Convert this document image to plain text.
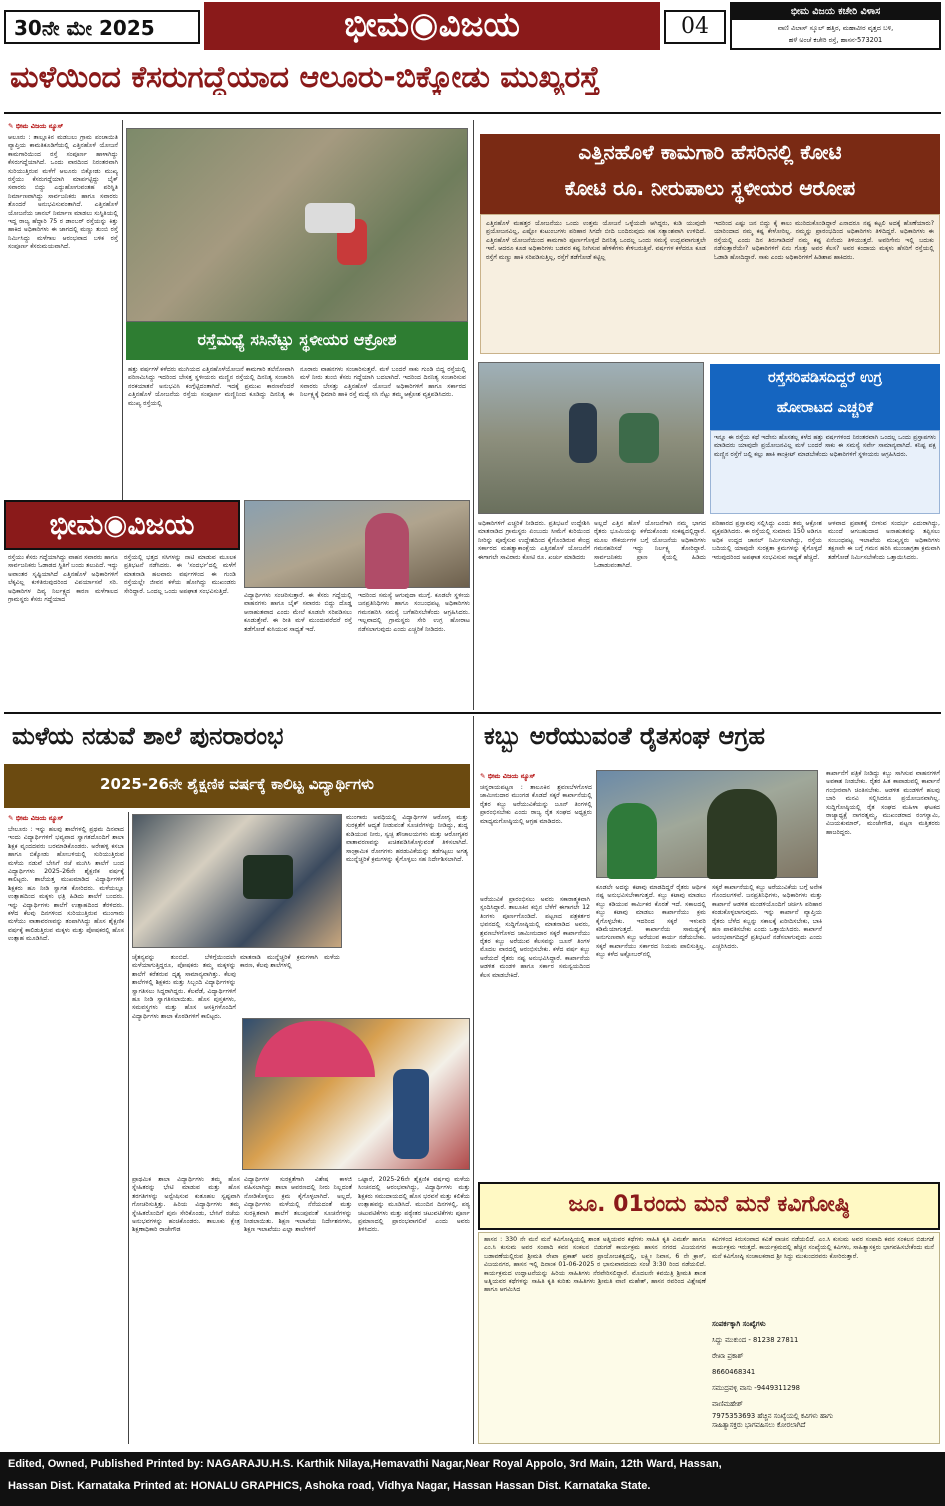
30ನೇ ಮೇ 2025	ಭೀಮ◉ವಿಜಯ	04
ಭೀಮ ವಿಜಯ ಕಚೇರಿ ವಿಳಾಸ
ವಾಣಿ ವಿಲಾಸ್ ಸ್ಕೂಲ್ ಹತ್ತಿರ, ಮಹಾವೀರ ವೃತ್ತದ ಬಳಿ,
ಹಳೆ ಅಂಚೆ ಕಚೇರಿ ರಸ್ತೆ, ಹಾಸನ-573201
ಮಳೆಯಿಂದ ಕೆಸರುಗದ್ದೆಯಾದ ಆಲೂರು-ಬಿಕ್ಕೋಡು ಮುಖ್ಯರಸ್ತೆ
✎ ಭೀಮ ವಿಜಯ ನ್ಯೂಸ್
ಆಲೂರು : ತಾಲ್ಲೂಕಿನ ಮಡಬಲು ಗ್ರಾಮ ಪಂಚಾಯಿತಿ ವ್ಯಾಪ್ತಿಯ ಕಾಮತಿಕೂಡಿಗೆಯಲ್ಲಿ ಎತ್ತಿನಹೊಳೆ ಯೋಜನೆ ಕಾಮಗಾರಿಯಿಂದ ರಸ್ತೆ ಸಂಪೂರ್ಣ ಹಾಳಾಗಿದ್ದು ಕೆಸರುಗದ್ದೆಯಾಗಿದೆ. ಒಂದು ವಾರದಿಂದ ನಿರಂತರವಾಗಿ ಸುರಿಯುತ್ತಿರುವ ಮಳೆಗೆ ಆಲೂರು ಬಿಕ್ಕೋಡು ಮುಖ್ಯ ರಸ್ತೆಯು ಕೆಸರುಗದ್ದೆಯಾಗಿ ಮಾರ್ಪಟ್ಟಿದ್ದು ಬೈಕ್ ಸವಾರರು ಬಿದ್ದು ಎದ್ದುಹೋಗುವಂತಹ ಪರಿಸ್ಥಿತಿ ನಿರ್ಮಾಣವಾಗಿದ್ದು ಸಾರ್ವಜನಿಕರು ಹಾಗೂ ಸವಾರರು ತೊಂದರೆ ಅನುಭವಿಸುವಂತಾಗಿದೆ. ಎತ್ತಿನಹೊಳೆ ಯೋಜನೆಯ ಚಾನಲ್ ನಿರ್ಮಾಣ ಮಾಡಲು ಸುಸ್ಥಿತಿಯಲ್ಲಿ ಇದ್ದ ರಾಜ್ಯ ಹೆದ್ದಾರಿ 75 ರ ಡಾಂಬರ್ ರಸ್ತೆಯನ್ನು ಕಿತ್ತು ಹಾಕಿದ ಅಧಿಕಾರಿಗಳು ಈ ಜಾಗದಲ್ಲಿ ಮಣ್ಣು ತುಂಬಿ ರಸ್ತೆ ನಿರ್ಮಿಸಿದ್ದು ಮಳೆಗಾಲ ಆರಂಭವಾದ ಬಳಿಕ ರಸ್ತೆ ಸಂಪೂರ್ಣ ಕೆಸರುಮಯವಾಗಿದೆ.
ರಸ್ತೆಮಧ್ಯೆ ಸಸಿನೆಟ್ಟು ಸ್ಥಳೀಯರ ಆಕ್ರೋಶ
ಹತ್ತು ವರ್ಷಗಳೆ ಕಳೆದರು ಮುಗಿಯದ ಎತ್ತಿನಹೊಳೆಯೋಜನೆ ಕಾಮಗಾರಿ ತಲೆನೋವಾಗಿ ಪರಿಣಮಿಸಿದ್ದು ಇದರಿಂದ ಬೇಸತ್ತ ಸ್ಥಳೀಯರು ಮಣ್ಣಿನ ರಸ್ತೆಯಲ್ಲಿ ದಿನನಿತ್ಯ ಸಂಚಾರಿಸಿ ನರಕಯಾತನೆ ಅನುಭವಿಸಿ ಕಂಗ್ಗೆಟ್ಟಿದಂತಾಗಿದೆ. ಇದಕ್ಕೆ ಪ್ರಮುಖ ಕಾರಣವೆಂದರೆ ಎತ್ತಿನಹೊಳೆ ಯೋಜನೆಯ ರಸ್ತೆಯ ಸಂಪೂರ್ಣ ಮಣ್ಣಿನಿಂದ ಕೂಡಿದ್ದು ದಿನನಿತ್ಯ ಈ ಮುಖ್ಯ ರಸ್ತೆಯಲ್ಲಿ
ನೂರಾರು ವಾಹನಗಳು ಸಂಚಾರಿಸುತ್ತವೆ. ಮಳೆ ಬಂದರೆ ಸಾಕು ಗುಂಡಿ ಬಿದ್ದ ರಸ್ತೆಯಲ್ಲಿ ಮಳೆ ನೀರು ತುಂಬಿ ಕೆಸರು ಗದ್ದೆಯಾಗಿ ಬದಲಾಗಿದೆ. ಇದರಿಂದ ದಿನನಿತ್ಯ ಸಂಚಾರಿಸುವ ಸವಾರರು ಬೇಸತ್ತು ಎತ್ತಿನಹೊಳೆ ಯೋಜನೆ ಅಧಿಕಾರಿಗಳಿಗೆ ಹಾಗೂ ಸರ್ಕಾರದ ನಿರ್ಲಕ್ಷ್ಯಕ್ಕೆ ಧಿಮಾರಿ ಹಾಕಿ ರಸ್ತೆ ಮಧ್ಯೆ ಸಸಿ ನೆಟ್ಟು ತಮ್ಮ ಆಕ್ರೋಶ ವ್ಯಕ್ತಪಡಿಸಿದರು.
ಎತ್ತಿನಹೊಳೆ ಕಾಮಗಾರಿ ಹೆಸರಿನಲ್ಲಿ ಕೋಟಿ
ಕೋಟಿ ರೂ. ನೀರುಪಾಲು ಸ್ಥಳೀಯರ ಆರೋಪ
ಎತ್ತಿನಹೊಳೆ ಮಹತ್ತರ ಯೋಜನೆಯು ಒಂದು ಉತ್ತಮ ಯೋಜನೆ ಒಳ್ಳೆಯದೇ ಆಗಿದ್ದರು, ಕುಡಿ ಯುವುದೇ ಪ್ರಯೋಜನವಿಲ್ಲ, ಎಷ್ಟೋ ಕುಟುಂಬಗಳು ಪರಿಹಾರ ಸಿಗದೇ ಬೀದಿ ಬಂದಿರುವುದು ಸಹ ಸತ್ಯಾಂಶವಾಗಿ ಉಳಿದಿದೆ. ಎತ್ತಿನಹೊಳೆ ಯೋಜನೆಯಿಂದ ಕಾಮಗಾರಿ ಪೂರ್ಣಗೊಳ್ಳದೆ ದಿನನಿತ್ಯ ಒಂದಲ್ಲ ಒಂದು ಸಮಸ್ಯೆ ಉದ್ಭವವಾಗುತ್ತಲೇ ಇವೆ. ಆದರೂ ಕೂಡ ಅಧಿಕಾರಿಗಳು ಬಡವರ ಕಷ್ಟ ನೀಗಿಸುವ ಹೇಳಿಕೆಗಳು ಕೇಳಿಬರುತ್ತಿವೆ. ವರ್ಷಗಳ ಕಳೆದರೂ ಕೂಡ ರಸ್ತೆಗೆ ಮಣ್ಣು ಹಾಕಿ ಸರಿಪಡಿಸುತ್ತಿಲ್ಲ, ರಸ್ತೆಗೆ ತಡೆಗೋಡೆ ಕಟ್ಟಿಲ್ಲ
ಇದರಿಂದ ಎಷ್ಟು ಜನ ಬಿದ್ದು ಕೈ ಕಾಲು ಮುರಿದುಕೊಂಡಿದ್ದಾರೆ ಎನಾದರೂ ನಷ್ಟ ಕಟ್ಟಲಿ ಅದಕ್ಕೆ ಹೊಣೆಯಾರು? ಯಾರಿಂದಾದ ನಮ್ಮ ಕಷ್ಟ ಕೇಳೋರಿಲ್ಲ. ನಮ್ಮನ್ನು ಪ್ರಾರಂಭದಿಂದ ಅಧಿಕಾರಿಗಳು ತಿಳಿದಿದ್ದರೆ. ಅಧಿಕಾರಿಗಳು ಈ ರಸ್ತೆಯಲ್ಲಿ ಎಂದು ದಿನ ತಿರುಗಾಡಿದರೆ ನಮ್ಮ ಕಷ್ಟ ಏನೆಂದು ತಿಳಿಯುತ್ತದೆ. ಅವರಿಗೇನು ಇಲ್ಲಿ ಬದುಕು ನಡೆಸುತ್ತಾರೆಯೇ? ಅಧಿಕಾರಿಗಳಿಗೆ ಏನು ಗೊತ್ತು ಅವರ ಕೆಲಸ? ಅವರ ಕಂದಾಯ ಮಕ್ಕಳು ಹೆಸರಿಗೆ ರಸ್ತೆಯಲ್ಲಿ ಓಡಾಡಿ ಹೋದಿದ್ದಾರೆ. ಸಾಕು ಎಂದು ಅಧಿಕಾರಿಗಳಿಗೆ ಹಿಡಿಶಾಪ ಹಾಕಿದರು.
ರಸ್ತೆಸರಿಪಡಿಸದಿದ್ದರೆ ಉಗ್ರ
ಹೋರಾಟದ ಎಚ್ಚರಿಕೆ
ಇನ್ನೂ ಈ ರಸ್ತೆಯ ಕಥೆ ಇದೇನು ಹೊಸತಲ್ಲ ಕಳೆದ ಹತ್ತು ವರ್ಷಗಳಿಂದ ನಿರಂತರವಾಗಿ ಒಂದಲ್ಲ ಒಂದು ಪ್ರಸ್ತಾಪಗಳು ಮಾಡಿದರು ಯಾವುದೇ ಪ್ರಯೋಜನವಿಲ್ಲ ಮಳೆ ಬಂದರೆ ಸಾಕು ಈ ಸಮಸ್ಯೆ ಸರ್ವೇ ಸಾಮಾನ್ಯವಾಗಿದೆ. ಕನಿಷ್ಟ ಪಕ್ಷ ಮಣ್ಣಿನ ರಸ್ತೆಗೆ ಜಲ್ಲಿ ಕಲ್ಲು ಹಾಕಿ ಕಾಂಕ್ರೀಟ್ ಮಾಡಬೇಕೆಂದು ಅಧಿಕಾರಿಗಳಿಗೆ ಸ್ಥಳೀಯರು ಆಗ್ರಹಿಸಿದರು.
ಭೀಮ◉ವಿಜಯ
ರಸ್ತೆಯು ಕೆಸರು ಗದ್ದೆಯಾಗಿದ್ದು ವಾಹನ ಸವಾರರು ಹಾಗೂ ಸಾರ್ವಜನಿಕರು ಓಡಾಡದ ಸ್ಥಿತಿಗೆ ಬಂದು ತಲುಪಿದೆ. ಇದ್ದು ಅವಾಂತರ ಸೃಷ್ಟಿಯಾಗಿದೆ ಎತ್ತಿನಹೊಳೆ ಅಧಿಕಾರಿಗಳಿಗೆ ಲೆಕ್ಕವಿಲ್ಲ ಕುಳಿತಿರುವುದರಿಂದ ವಿಪರ್ಯಾಸವೆ ಸರಿ. ಅಧಿಕಾರಿಗಳ ದಿವ್ಯ ನಿರ್ಲಕ್ಷ್ಯದ ಕಾರಣ ಮಳೆಗಾಲದ ಗ್ರಾಮಸ್ಥರು ಕೆಸರು ಗದ್ದೆಯಾದ
ರಸ್ತೆಯಲ್ಲಿ ಭತ್ತದ ಸಸಿಗಳನ್ನು ನಾಟಿ ಮಾಡುವ ಮೂಲಕ ಪ್ರತಿಭಟನೆ ನಡೆಸಿದರು. ಈ 'ಸಂದರ್ಭ'ದಲ್ಲಿ ಮಳೆಗೆ ಮಾತನಾಡಿ ಹಲವಾರು ವರ್ಷಗಳಿಂದ ಈ ಗುಂಡಿ ರಸ್ತೆಯಲ್ಲೇ ಜೀವನ ಕಳೆಯ ಹೋಗಿದ್ದು ಮುಖಂಡರು ಸೇರಿದ್ದಾರೆ. ಒಂದಲ್ಲ ಒಂದು ಅಪಘಾತ ಸಂಭವಿಸುತ್ತಿದೆ.
ವಿದ್ಯಾರ್ಥಿಗಳು ಸಂಚರಿಸುತ್ತಾರೆ. ಈ ಕೆಸರು ಗದ್ದೆಯಲ್ಲಿ ವಾಹನಗಳು ಹಾಗೂ ಬೈಕ್ ಸವಾರರು ಬಿದ್ದು ದೊಡ್ಡ ಆನಾಹುತವಾದ ಎಂದು ಮೇಲೆ ಕೂಡಲೇ ಸರಿಪಡಿಸಲು ಕೂಡುತ್ತೇವೆ. ಈ ರೀತಿ ಮಳೆ ಮುಂದುವರೆದರೆ ರಸ್ತೆ ತಡೆಗೋಡೆ ಕುಸಿಯುವ ಸಾಧ್ಯತೆ ಇದೆ.
ಇದರಿಂದ ಸಮಸ್ಯೆ ಆಗುವುದಾ ಮುಗ್ಗೆ. ಕೂಡಲೇ ಸ್ಥಳೀಯ ಜನಪ್ರತಿನಿಧಿಗಳು ಹಾಗೂ ಸಂಬಂಧಪಟ್ಟ ಅಧಿಕಾರಿಗಳು ಗಮನಹರಿಸಿ ಸಮಸ್ಯೆ ಬಗೆಹರಿಸಬೇಕೆಂದು ಆಗ್ರಹಿಸಿದರು. ಇಲ್ಲವಾದಲ್ಲಿ ಗ್ರಾಮಸ್ಥರು ಸೇರಿ ಉಗ್ರ ಹೋರಾಟ ನಡೆಸಲಾಗುವುದು ಎಂದು ಎಚ್ಚರಿಕೆ ನೀಡಿದರು.
ಅಧಿಕಾರಿಗಳಿಗೆ ಎಚ್ಚರಿಕೆ ನೀಡಿದರು. ಪ್ರತಿಭಟನೆ ಉದ್ದೇಶಿಸಿ ಮಾತನಾಡಿದ ಗ್ರಾಮಸ್ಥರು ಏಂಬುದು ಸೀಮೆಗೆ ಕುರಿಯಿಂದ ನೀರಿನ್ನು ಪೂರೈಸುವ ಉದ್ದೇಶದಿಂದ ಕೈಗೊಂಡಿರುವ ಕೇಂದ್ರ ಸರ್ಕಾರದ ಮಹತ್ವಾಕಾಂಕ್ಷೆಯ ಎತ್ತಿನಹೊಳೆ ಯೋಜನೆಗೆ ಈಗಾಗಲೇ ಸಾವಿರಾರು ಕೋಟಿ ರೂ. ಖರ್ಚು ಮಾಡಿದರು
ಅಲ್ಲದೆ ಎತ್ತಿನ ಹೊಳೆ ಯೋಜನೆಗಾಗಿ ನಮ್ಮ ಭಾಗದ ರೈತರು ಭೂಮಿಯನ್ನು ಕಳೆದುಕೊಂಡು ಸಂಕಷ್ಟದಲ್ಲಿದ್ದಾರೆ. ಮೂಲ ಸೌಕರ್ಯಗಳ ಬಗ್ಗೆ ಯೋಜನೆಯ ಅಧಿಕಾರಿಗಳು ಗಮನಹರಿಸದೆ ಇದ್ದು ನಿರ್ಲಕ್ಷ್ಯ ತೋರಿದ್ದಾರೆ. ಸಾರ್ವಜನಿಕರು ಪ್ರಾಣ ಕೈಯಲ್ಲಿ ಹಿಡಿದು ಓಡಾಡುವಂತಾಗಿದೆ.
ಪರಿಹಾರದ ಪ್ರಸ್ತಾವವು ಸಲ್ಲಿಸಿದ್ದು ಎಂದು ತಮ್ಮ ಆಕ್ರೋಶ ವ್ಯಕ್ತಪಡಿಸಿದರು. ಈ ರಸ್ತೆಯಲ್ಲಿ ಸುಮಾರು 150 ಅಡಿಗೂ ಅಧಿಕ ಉದ್ದದ ಚಾನಲ್ ನಿರ್ಮಿಸಲಾಗಿದ್ದು, ರಸ್ತೆಯ ಬದಿಯಲ್ಲಿ ಯಾವುದೇ ಸುರಕ್ಷತಾ ಕ್ರಮಗಳನ್ನು ಕೈಗೊಳ್ಳದೆ ಇರುವುದರಿಂದ ಅಪಘಾತ ಸಂಭವಿಸುವ ಸಾಧ್ಯತೆ ಹೆಚ್ಚಿದೆ.
ಆಳವಾದ ಪ್ರಪಾತಕ್ಕೆ ಬೀಳುವ ಸಂದರ್ಭ ಎದುರಾಗಿದ್ದು, ಮುಂದೆ ಆಗಬಹುದಾದ ಅನಾಹುತವನ್ನು ತಪ್ಪಿಸಲು ಸಂಬಂಧಪಟ್ಟ ಇಲಾಖೆಯ ಮುಖ್ಯಸ್ಥರು ಅಧಿಕಾರಿಗಳು ತಕ್ಷಣವೇ ಈ ಬಗ್ಗೆ ಗಮನ ಹರಿಸಿ ಮುಂಜಾಗ್ರತಾ ಕ್ರಮವಾಗಿ ತಡೆಗೋಡೆ ನಿರ್ಮಿಸಬೇಕೆಂದು ಒತ್ತಾಯಿಸಿದರು.
ಮಳೆಯ ನಡುವೆ ಶಾಲೆ ಪುನರಾರಂಭ
2025-26ನೇ ಶೈಕ್ಷಣಿಕ ವರ್ಷಕ್ಕೆ ಕಾಲಿಟ್ಟ ವಿದ್ಯಾರ್ಥಿಗಳು
✎ ಭೀಮ ವಿಜಯ ನ್ಯೂಸ್
ಬೇಲೂರು : ಇನ್ನು ಹಲವು ಶಾಲೆಗಳಲ್ಲಿ ಪ್ರಥಮ ದಿನವಾದ ಇಂದು ವಿದ್ಯಾರ್ಥಿಗಳಿಗೆ ಭವ್ಯವಾದ ಸ್ವಾಗತದೊಂದಿಗೆ ಶಾಲಾ ಶಿಕ್ಷಕ ವೃಂದದವರು ಬರಮಾಡಿಕೊಂಡರು. ಅರೇಹಳ್ಳಿ ಕಸಬಾ ಹಾಗೂ ಬಿಕ್ಕೋಡು ಹೋಬಳಿಯಲ್ಲಿ ಸುರಿಯುತ್ತಿರುವ ಮಳೆಯ ನಡುವೆ ಬೇಸಿಗೆ ರಜೆ ಮುಗಿಸಿ ಶಾಲೆಗೆ ಬಂದ ವಿದ್ಯಾರ್ಥಿಗಳು 2025-26ನೇ ಶೈಕ್ಷಣಿಕ ವರ್ಷಕ್ಕೆ ಕಾಲಿಟ್ಟರು. ಶಾಲೆಯತ್ತ ಮುಖಮಾಡಿದ ವಿದ್ಯಾರ್ಥಿಗಳಿಗೆ ಶಿಕ್ಷಕರು ಹೂ ನೀಡಿ ಸ್ವಾಗತ ಕೋರಿದರು. ಮಳೆಯಲ್ಲೂ ಉತ್ಸಾಹದಿಂದ ಮಕ್ಕಳು ಛತ್ರಿ ಹಿಡಿದು ಶಾಲೆಗೆ ಬಂದರು. ಇನ್ನು ವಿದ್ಯಾರ್ಥಿಗಳು ಶಾಲೆಗೆ ಉತ್ಸಾಹದಿಂದ ತೆರಳಿದರು. ಕಳೆದ ಕೆಲವು ದಿನಗಳಿಂದ ಸುರಿಯುತ್ತಿರುವ ಮುಂಗಾರು ಮಳೆಯು ವಾತಾವರಣವನ್ನು ತಂಪಾಗಿಸಿದ್ದು ಹೊಸ ಶೈಕ್ಷಣಿಕ ವರ್ಷಕ್ಕೆ ಕಾಲಿಡುತ್ತಿರುವ ಮಕ್ಕಳು ಮತ್ತು ಪೋಷಕರಲ್ಲಿ ಹೊಸ ಉತ್ಸಾಹ ಮೂಡಿಸಿದೆ.
ಮುಂಗಾರು ಅವಧಿಯಲ್ಲಿ ವಿದ್ಯಾರ್ಥಿಗಳ ಆರೋಗ್ಯ ಮತ್ತು ಸುರಕ್ಷತೆಗೆ ಆದ್ಯತೆ ನೀಡುವಂತೆ ಸೂಚನೆಗಳನ್ನು ನೀಡಿದ್ದು, ಶುದ್ಧ ಕುಡಿಯುವ ನೀರು, ಸ್ವಚ್ಛ ಶೌಚಾಲಯಗಳು ಮತ್ತು ಆರೋಗ್ಯಕರ ವಾತಾವರಣವನ್ನು ಖಚಿತಪಡಿಸಿಕೊಳ್ಳುವಂತೆ ತಿಳಿಸಲಾಗಿದೆ. ಸಾಂಕ್ರಾಮಿಕ ರೋಗಗಳು ಹರಡುವಿಕೆಯನ್ನು ತಡೆಗಟ್ಟಲು ಅಗತ್ಯ ಮುನ್ನೆಚ್ಚರಿಕೆ ಕ್ರಮಗಳನ್ನು ಕೈಗೊಳ್ಳಲು ಸಹ ನಿರ್ದೇಶಿಸಲಾಗಿದೆ.
ಚೈತನ್ಯವನ್ನು ತುಂಬಿದೆ. ಬೆಳಿಗ್ಗೆಯಿಂದಲೇ ಮಳೆಯಾಗುತ್ತಿದ್ದರೂ, ಪೋಷಕರು ತಮ್ಮ ಮಕ್ಕಳನ್ನು ಶಾಲೆಗೆ ಕರೆತರುವ ದೃಶ್ಯ ಸಾಮಾನ್ಯವಾಗಿತ್ತು. ಕೆಲವು ಶಾಲೆಗಳಲ್ಲಿ ಶಿಕ್ಷಕರು ಮತ್ತು ಸಿಬ್ಬಂದಿ ವಿದ್ಯಾರ್ಥಿಗಳನ್ನು ಸ್ವಾಗತಿಸಲು ಸಿದ್ಧರಾಗಿದ್ದರು. ಕೆಲವೆಡೆ, ವಿದ್ಯಾರ್ಥಿಗಳಿಗೆ ಹೂ ನೀಡಿ ಸ್ವಾಗತಿಸಲಾಯಿತು. ಹೊಸ ಪುಸ್ತಕಗಳು, ಸಮವಸ್ತ್ರಗಳು ಮತ್ತು ಹೊಸ ಆಸಕ್ತಿಗಳೊಂದಿಗೆ ವಿದ್ಯಾರ್ಥಿಗಳು ಶಾಲಾ ಕೊಠಡಿಗಳಿಗೆ ಕಾಲಿಟ್ಟರು.
ಮಾತನಾಡಿ ಮುನ್ನೆಚ್ಚರಿಕೆ ಕ್ರಮಗಳಾಗಿ ಮಳೆಯ ಕಾರಣ, ಕೆಲವು ಶಾಲೆಗಳಲ್ಲಿ
ಪ್ರಾಥಮಿಕ ಶಾಲಾ ವಿದ್ಯಾರ್ಥಿಗಳು ತಮ್ಮ ಹೊಸ ಸ್ನೇಹಿತರನ್ನು ಭೇಟಿ ಮಾಡುವ ಮತ್ತು ಹೊಸ ತರಗತಿಗಳನ್ನು ಅನ್ವೇಷಿಸುವ ಕುತೂಹಲ ಸ್ವಷ್ಟವಾಗಿ ಗೋಚರಿಸುತ್ತಿತ್ತು. ಹಿರಿಯ ವಿದ್ಯಾರ್ಥಿಗಳು ತಮ್ಮ ಸ್ನೇಹಿತರೊಂದಿಗೆ ಪುನಃ ಸೇರಿಕೊಂಡು, ಬೇಸಿಗೆ ರಜೆಯ ಅನುಭವಗಳನ್ನು ಹಂಚಿಕೊಂಡರು. ತಾಲೂಕು ಕ್ಷೇತ್ರ ಶಿಕ್ಷಣಾಧಿಕಾರಿ ರಾಜೇಗೌಡ
ವಿದ್ಯಾರ್ಥಿಗಳ ಸುರಕ್ಷತೆಗಾಗಿ ವಿಶೇಷ ಕಾಳಜಿ ವಹಿಸಲಾಗಿದ್ದು ಶಾಲಾ ಆವರಣದಲ್ಲಿ ನೀರು ನಿಲ್ಲದಂತೆ ನೋಡಿಕೊಳ್ಳಲು ಕ್ರಮ ಕೈಗೊಳ್ಳಲಾಗಿದೆ. ಅಲ್ಲದೆ, ವಿದ್ಯಾರ್ಥಿಗಳು ಮಳೆಯಲ್ಲಿ ನೆನೆಯದಂತೆ ಮತ್ತು ಸುರಕ್ಷಿತವಾಗಿ ಶಾಲೆಗೆ ತಲುಪುವಂತೆ ಸೂಚನೆಗಳನ್ನು ನೀಡಲಾಯಿತು. ಶಿಕ್ಷಣ ಇಲಾಖೆಯ ನಿರ್ದೇಶನಗಳು, ಶಿಕ್ಷಣ ಇಲಾಖೆಯು ಎಲ್ಲಾ ಶಾಲೆಗಳಿಗೆ
ಒಟ್ಟಾರೆ, 2025-26ನೇ ಶೈಕ್ಷಣಿಕ ವರ್ಷವು ಮಳೆಯ ಸಿಂಚನದಲ್ಲಿ ಆರಂಭವಾಗಿದ್ದು, ವಿದ್ಯಾರ್ಥಿಗಳು ಮತ್ತು ಶಿಕ್ಷಕರು ಸಮುದಾಯದಲ್ಲಿ ಹೊಸ ಭರವಸೆ ಮತ್ತು ಕಲಿಕೆಯ ಉತ್ಸಾಹವನ್ನು ಮೂಡಿಸಿದೆ. ಮುಂದಿನ ದಿನಗಳಲ್ಲಿ, ಪಠ್ಯ ಚಟುವಟಿಕೆಗಳು ಮತ್ತು ಪಠ್ಯೇತರ ಚಟುವಟಿಕೆಗಳು ಪೂರ್ಣ ಪ್ರಮಾಣದಲ್ಲಿ ಪ್ರಾರಂಭವಾಗಲಿವೆ ಎಂದು ಅವರು ತಿಳಿಸಿದರು.
ಕಬ್ಬು ಅರೆಯುವಂತೆ ರೈತಸಂಘ ಆಗ್ರಹ
✎ ಭೀಮ ವಿಜಯ ನ್ಯೂಸ್
ಚನ್ನರಾಯಪಟ್ಟಣ : ತಾಲೂಕಿನ ಶ್ರವಣಬೆಳಗೊಳದ ಜಾಮೀನುದಾರ ಮುಂಗಡ ಕೊಡದೆ ಸಕ್ಕರೆ ಕಾರ್ಖಾನೆಯಲ್ಲಿ ರೈತರ ಕಬ್ಬು ಅರೆಯುವಿಕೆಯನ್ನು ಜೂನ್ ತಿಂಗಳಲ್ಲಿ ಪ್ರಾರಂಭಿಸಬೇಕು ಎಂದು ರಾಜ್ಯ ರೈತ ಸಂಘದ ಅಧ್ಯಕ್ಷರು ಮಾಧ್ಯಮಗೋಷ್ಠಿಯಲ್ಲಿ ಆಗ್ರಹ ಮಾಡಿದರು.
ಕಾರ್ಖಾನೆಗೆ ಪತ್ರಿಕೆ ನೀಡಿದ್ದು ಕಬ್ಬು ಸಾಗಿಸುವ ವಾಹನಗಳಿಗೆ ಅವಕಾಶ ನೀಡಬೇಕು. ರೈತರ ಹಿತ ಕಾಪಾಡುವಲ್ಲಿ ಕಾರ್ಖಾನೆ ಗಂಭೀರವಾಗಿ ಚಿಂತಿಸಬೇಕು. ಆಡಳಿತ ಮಂಡಳಿಗೆ ಹಲವು ಬಾರಿ ಮನವಿ ಸಲ್ಲಿಸಿದರೂ ಪ್ರಯೋಜನವಾಗಿಲ್ಲ. ಸುದ್ದಿಗೋಷ್ಠಿಯಲ್ಲಿ ರೈತ ಸಂಘದ ಮಹಿಳಾ ಘಟಕದ ರಾಜ್ಯಾಧ್ಯಕ್ಷೆ ನಾಗರತ್ನಮ್ಮ, ಮುಖಂಡರಾದ ರಂಗಸ್ವಾಮಿ, ವಿಜಯಕುಮಾರ್, ಮಂಜೇಗೌಡ, ಪಟ್ಟಣ ಮತ್ತಿತರರು ಹಾಜರಿದ್ದರು.
ಅರೆಯುವಿಕೆ ಪ್ರಾರಂಭಿಸಲು ಅವರು ಸಕಾರಾತ್ಮಕವಾಗಿ ಸ್ಪಂದಿಸಿದ್ದಾರೆ. ತಾಲೂಕಿನ ಕಬ್ಬಿನ ಬೆಳೆಗೆ ಈಗಾಗಲೇ 12 ತಿಂಗಳು ಪೂರ್ಣಗೊಂಡಿದೆ. ಪಟ್ಟಣದ ಪತ್ರಕರ್ತರ ಭವನದಲ್ಲಿ ಸುದ್ದಿಗೋಷ್ಠಿಯಲ್ಲಿ ಮಾತನಾಡಿದ ಅವರು, ಶ್ರವಣಬೆಳಗೊಳದ ಜಾಮೀನುದಾರ ಸಕ್ಕರೆ ಕಾರ್ಖಾನೆಯು ರೈತರ ಕಬ್ಬು ಅರೆಯುವ ಕೆಲಸವನ್ನು ಜೂನ್ ತಿಂಗಳ ಮೊದಲ ವಾರದಲ್ಲಿ ಆರಂಭಿಸಬೇಕು. ಕಳೆದ ವರ್ಷ ಕಬ್ಬು ಅರೆಯದೆ ರೈತರು ನಷ್ಟ ಅನುಭವಿಸಿದ್ದಾರೆ. ಕಾರ್ಖಾನೆಯ ಆಡಳಿತ ಮಂಡಳಿ ಹಾಗೂ ಸರ್ಕಾರ ಸಮನ್ವಯದಿಂದ ಕೆಲಸ ಮಾಡಬೇಕಿದೆ.
ಕೂಡಲೇ ಅದನ್ನು ಕಟಾವು ಮಾಡದಿದ್ದರೆ ರೈತರು ಆರ್ಥಿಕ ನಷ್ಟ ಅನುಭವಿಸಬೇಕಾಗುತ್ತದೆ. ಕಬ್ಬು ಕಟಾವು ಮಾಡಲು ಕಬ್ಬು ಕಡಿಯುವ ಕಾರ್ಮಿಕರ ಕೊರತೆ ಇದೆ. ಸಕಾಲದಲ್ಲಿ ಕಬ್ಬು ಕಟಾವು ಮಾಡಲು ಕಾರ್ಖಾನೆಯು ಕ್ರಮ ಕೈಗೊಳ್ಳಬೇಕು. ಇದರಿಂದ ಸಕ್ಕರೆ ಇಳುವರಿ ಕಡಿಮೆಯಾಗುತ್ತದೆ. ಕಾರ್ಖಾನೆಯ ಸಾಮರ್ಥ್ಯಕ್ಕೆ ಅನುಗುಣವಾಗಿ ಕಬ್ಬು ಅರೆಯುವ ಕಾರ್ಯ ನಡೆಯಬೇಕು. ಸಕ್ಕರೆ ಕಾರ್ಖಾನೆಯು ಸರ್ಕಾರದ ನಿಯಮ ಪಾಲಿಸುತ್ತಿಲ್ಲ. ಕಬ್ಬು ಕಳೆದ ಅಕ್ಟೋಬರ್‌ನಲ್ಲಿ
ಸಕ್ಕರೆ ಕಾರ್ಖಾನೆಯಲ್ಲಿ ಕಬ್ಬು ಅರೆಯುವಿಕೆಯ ಬಗ್ಗೆ ಅನೇಕ ಗೊಂದಲಗಳಿವೆ. ಜನಪ್ರತಿನಿಧಿಗಳು, ಅಧಿಕಾರಿಗಳು ಮತ್ತು ಕಾರ್ಖಾನೆ ಆಡಳಿತ ಮಂಡಳಿಯೊಂದಿಗೆ ಚರ್ಚಿಸಿ ಪರಿಹಾರ ಕಂಡುಕೊಳ್ಳಲಾಗುವುದು. ಇನ್ನು ಕಾರ್ಖಾನೆ ವ್ಯಾಪ್ತಿಯ ರೈತರು ಬೆಳೆದ ಕಬ್ಬನ್ನು ಸಕಾಲಕ್ಕೆ ಖರೀದಿಸಬೇಕು, ಬಾಕಿ ಹಣ ಪಾವತಿಸಬೇಕು ಎಂದು ಒತ್ತಾಯಿಸಿದರು. ಕಾರ್ಖಾನೆ ಆರಂಭವಾಗದಿದ್ದರೆ ಪ್ರತಿಭಟನೆ ನಡೆಸಲಾಗುವುದು ಎಂದು ಎಚ್ಚರಿಸಿದರು.
ಜೂ. 01ರಂದು ಮನೆ ಮನೆ ಕವಿಗೋಷ್ಠಿ
ಹಾಸನ : 330 ನೇ ಮನೆ ಮನೆ ಕವಿಗೋಷ್ಠಿಯಲ್ಲಿ ಶಾಂತ ಅತ್ನಿಯವರ ಕಥೆಗಳು ಸಾಹಿತಿ ಕೃತಿ ವಿಮರ್ಶೆ ಹಾಗೂ ಎಂ.ಸಿ ಕುಸುಮ ಅವರ ಸಂಪಾದಿ ಕವನ ಸಂಕಲನ ಬಿಡುಗಡೆ ಕಾರ್ಯಕ್ರಮ ಹಾಸನ ನಗರದ ವಿಜಯನಗರ ಬಡಾವಣೆಯಲ್ಲಿರುವ ಶ್ರೀಮತಿ ರೇಖಾ ಪ್ರಕಾಶ್ ಅವರ ಪ್ರಾಯೋಜಕತ್ವದಲ್ಲಿ, ಲಕ್ಷ್ಮೀ ನಿವಾಸ, 6 ನೇ ಕ್ರಾಸ್, ವಿಜಯನಗರ, ಹಾಸನ ಇಲ್ಲಿ ದಿನಾಂಕ 01-06-2025 ರ ಭಾನುವಾರದಂದು ಸಂಜೆ 3:30 ರಿಂದ ನಡೆಯಲಿದೆ. ಕಾರ್ಯಕ್ರಮದ ಉದ್ಘಾಟನೆಯನ್ನು ಹಿರಿಯ ಸಾಹಿತಿಗಳು ನೆರವೇರಿಸಲಿದ್ದಾರೆ. ಮೊದಲನೇ ಕವಯಿತ್ರಿ ಶ್ರೀಮತಿ ಶಾಂತ ಅತ್ನಿಯವರ ಕಥೆಗಳನ್ನು ಸಾಹಿತಿ ಕೃತಿ ಕುರಿತು ಸಾಹಿತಿಗಳು ಶ್ರೀಮತಿ ವಾಣಿ ಮಹೇಶ್, ಹಾಸನ ರವರಿಂದ ವಿಶ್ಲೇಷಣೆ ಹಾಗೂ ಆಗಮಿಸಿದ
ಕವಿಗಳಿಂದ ಕಿರುಸಂವಾದ ಕವಿತೆ ವಾಚನ ನಡೆಯಲಿದೆ. ಎಂ.ಸಿ ಕುಸುಮ ಅವರ ಸಂಪಾದಿ ಕವನ ಸಂಕಲನ ಬಿಡುಗಡೆ ಕಾರ್ಯಕ್ರಮ ಇರುತ್ತದೆ. ಕಾರ್ಯಕ್ರಮದಲ್ಲಿ ಹೆಚ್ಚಿನ ಸಂಖ್ಯೆಯಲ್ಲಿ ಕವಿಗಳು, ಸಾಹಿತ್ಯಾಸಕ್ತರು ಭಾಗವಹಿಸಬೇಕೆಂದು ಮನೆ ಮನೆ ಕವಿಗೋಷ್ಠಿ ಸಂಚಾಲಕರಾದ ಶ್ರೀ ಸಿದ್ದು ಮುಕುಂದರವರು ಕೋರಿರುತ್ತಾರೆ.
ಸಂಪರ್ಕಕ್ಕಾಗಿ ಸಂಖ್ಯೆಗಳು
ಸಿದ್ದು ಮುಕುಂದ - 81238 27811
ರೇಖಾ ಪ್ರಕಾಶ್
8660468341
ಸಮುದ್ರವಳ್ಳಿ ವಾಸು -9449311298
ವಾಣಿಮಹೇಶ್
7975353693 ಹೆಚ್ಚಿನ ಸಂಖ್ಯೆಯಲ್ಲಿ ಕವಿಗಳು ಹಾಗು
ಸಾಹಿತ್ಯಾಸಕ್ತರು ಭಾಗವಹಿಸಲು ಕೋರಲಾಗಿದೆ
Edited, Owned, Published Printed by: NAGARAJU.H.S. Karthik Nilaya,Hemavathi Nagar,Near Royal Appolo, 3rd Main, 12th Ward, Hassan,
Hassan Dist. Karnataka Printed at: HONALU GRAPHICS, Ashoka road, Vidhya Nagar, Hassan Hassan Dist. Karnataka State.
